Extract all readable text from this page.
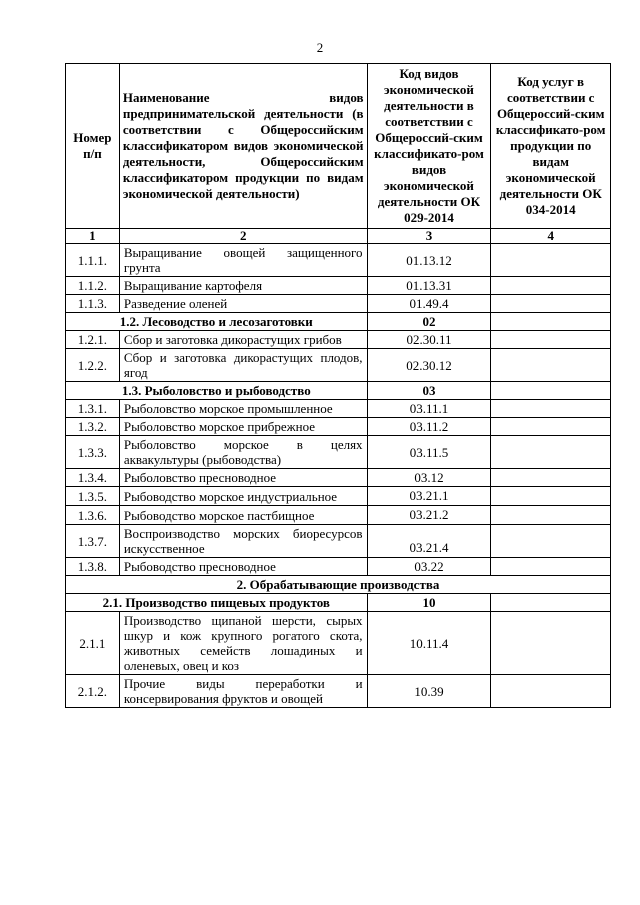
2
Номер п/п	Наименование видов предпринимательской деятельности (в соответствии с Общероссийским классификатором видов экономической деятельности, Общероссийским классификатором продукции по видам экономической деятельности)	Код видов экономической деятельности в соответствии с Общероссий-ским классификато-ром видов экономической деятельности ОК 029-2014	Код услуг в соответствии с Общероссий-ским классификато-ром продукции по видам экономической деятельности ОК 034-2014
1	2	3	4
1.1.1.	Выращивание овощей защищенного грунта	01.13.12	
1.1.2.	Выращивание картофеля	01.13.31	
1.1.3.	Разведение оленей	01.49.4	
1.2. Лесоводство и лесозаготовки		02	
1.2.1.	Сбор и заготовка дикорастущих грибов	02.30.11	
1.2.2.	Сбор и заготовка дикорастущих плодов, ягод	02.30.12	
1.3. Рыболовство и рыбоводство		03	
1.3.1.	Рыболовство морское промышленное	03.11.1	
1.3.2.	Рыболовство морское прибрежное	03.11.2	
1.3.3.	Рыболовство морское в целях аквакультуры (рыбоводства)	03.11.5	
1.3.4.	Рыболовство пресноводное	03.12	
1.3.5.	Рыбоводство морское индустриальное	03.21.1	
1.3.6.	Рыбоводство морское пастбищное	03.21.2	
1.3.7.	Воспроизводство морских биоресурсов искусственное	03.21.4	
1.3.8.	Рыбоводство пресноводное	03.22	
2. Обрабатывающие производства			
2.1. Производство пищевых продуктов		10	
2.1.1	Производство щипаной шерсти, сырых шкур и кож крупного рогатого скота, животных семейств лошадиных и оленевых, овец и коз	10.11.4	
2.1.2.	Прочие виды переработки и консервирования фруктов и овощей	10.39	
